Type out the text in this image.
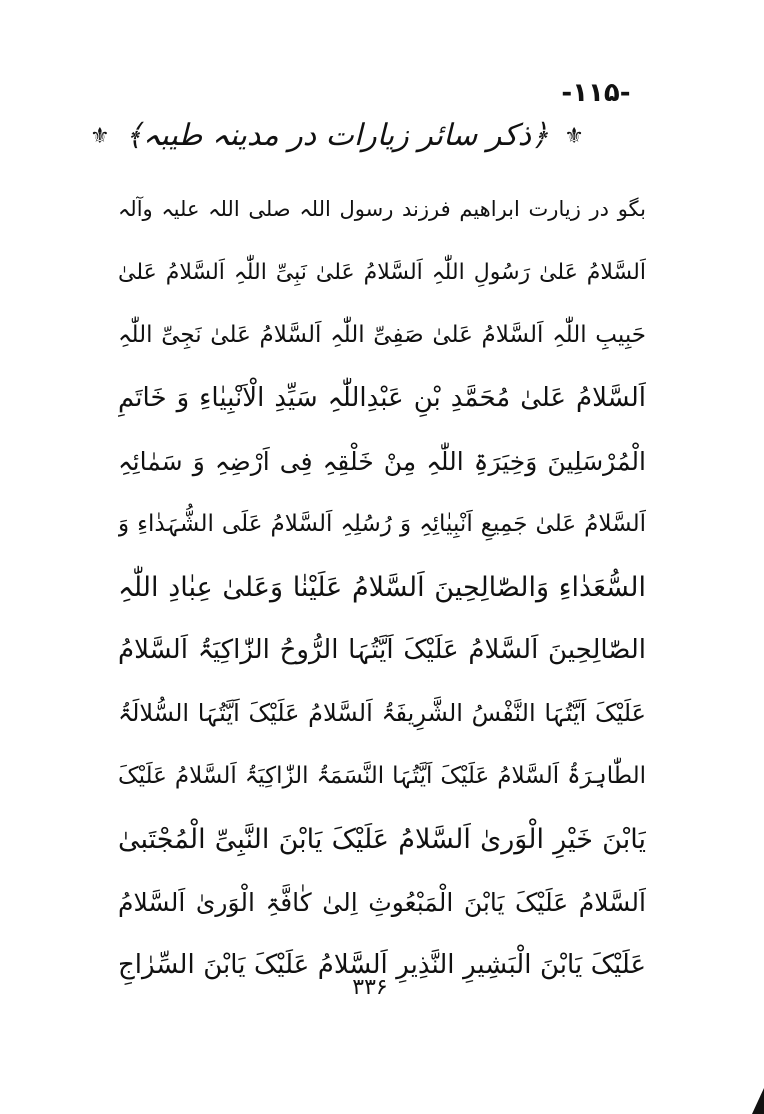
-۱۱۵-
⚜ ﴿ذکر سائر زیارات در مدینہ طیبہ﴾ ⚜
بگو در زیارت ابراھیم فرزند رسول اللہ صلی اللہ علیہ وآلہ
اَلسَّلامُ عَلیٰ رَسُولِ اللّٰہِ اَلسَّلامُ عَلیٰ نَبِیِّ اللّٰہِ اَلسَّلامُ عَلیٰ
حَبِیبِ اللّٰہِ اَلسَّلامُ عَلیٰ صَفِیِّ اللّٰہِ اَلسَّلامُ عَلیٰ نَجِیِّ اللّٰہِ
اَلسَّلامُ عَلیٰ مُحَمَّدِ بْنِ عَبْدِاللّٰہِ سَیِّدِ الْاَنْبِیٰاءِ وَ خَاتَمِ
الْمُرْسَلِینَ وَخِیَرَۃِ اللّٰہِ مِنْ خَلْقِہِ فِی اَرْضِہِ وَ سَمٰائِہِ
اَلسَّلامُ عَلیٰ جَمِیعِ اَنْبِیٰائِہِ وَ رُسُلِہِ اَلسَّلامُ عَلَی الشُّہَدٰاءِ وَ
السُّعَدٰاءِ وَالصّٰالِحِینَ اَلسَّلامُ عَلَیْنٰا وَعَلیٰ عِبٰادِ اللّٰہِ
الصّٰالِحِینَ اَلسَّلامُ عَلَیْکَ اَیَّتُہَا الرُّوحُ الزّٰاکِیَۃُ اَلسَّلامُ
عَلَیْکَ اَیَّتُہَا النَّفْسُ الشَّرِیفَۃُ اَلسَّلامُ عَلَیْکَ اَیَّتُہَا السُّلالَۃُ
الطّٰاہِرَۃُ اَلسَّلامُ عَلَیْکَ اَیَّتُہَا النَّسَمَۃُ الزّٰاکِیَۃُ اَلسَّلامُ عَلَیْکَ
یَابْنَ خَیْرِ الْوَریٰ اَلسَّلامُ عَلَیْکَ یَابْنَ النَّبِیِّ الْمُجْتَبیٰ
اَلسَّلامُ عَلَیْکَ یَابْنَ الْمَبْعُوثِ اِلیٰ کٰافَّۃِ الْوَریٰ اَلسَّلامُ
عَلَیْکَ یَابْنَ الْبَشِیرِ النَّذِیرِ اَلسَّلامُ عَلَیْکَ یَابْنَ السِّرٰاجِ
۳۳۶
